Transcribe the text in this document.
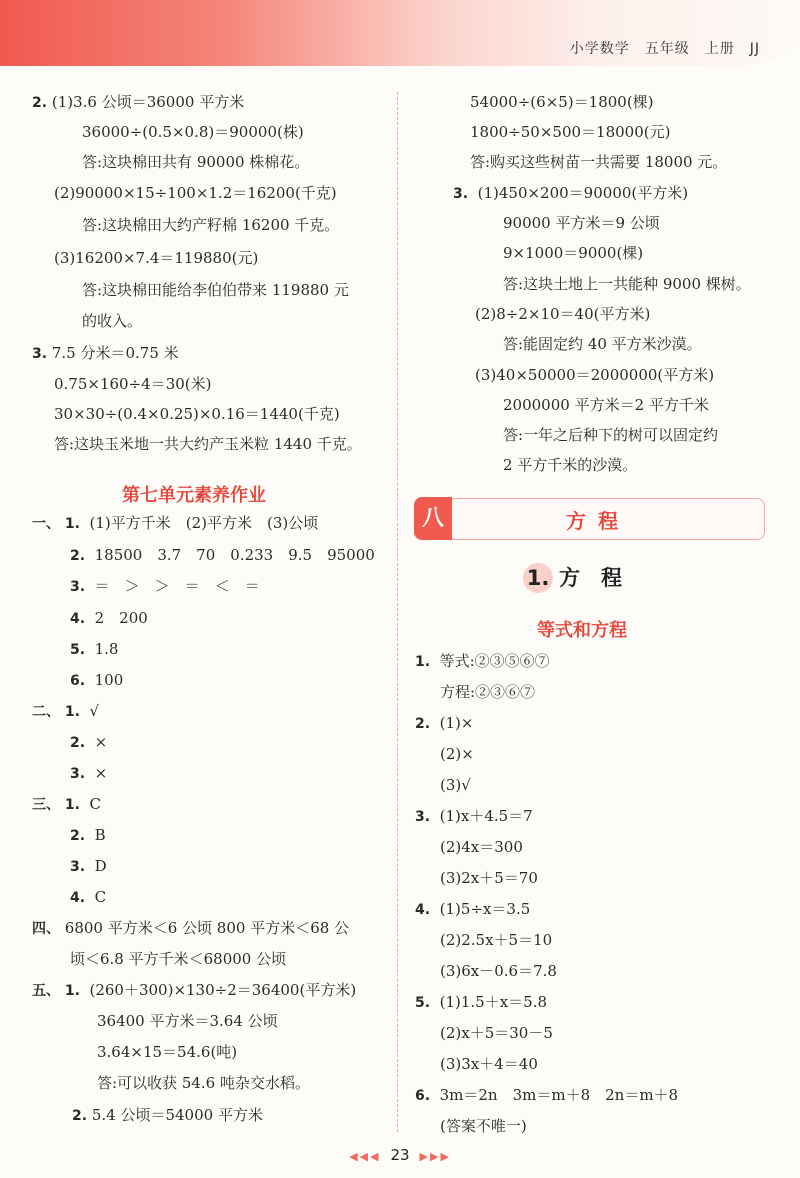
小学数学　五年级　上册　JJ
2. (1)3.6 公顷＝36000 平方米
36000÷(0.5×0.8)＝90000(株)
答:这块棉田共有 90000 株棉花。
(2)90000×15÷100×1.2＝16200(千克)
答:这块棉田大约产籽棉 16200 千克。
(3)16200×7.4＝119880(元)
答:这块棉田能给李伯伯带来 119880 元
的收入。
3. 7.5 分米＝0.75 米
0.75×160÷4＝30(米)
30×30÷(0.4×0.25)×0.16＝1440(千克)
答:这块玉米地一共大约产玉米粒 1440 千克。
第七单元素养作业
一、 1. (1)平方千米　(2)平方米　(3)公顷
2. 18500　3.7　70　0.233　9.5　95000
3. ＝　＞　＞　＝　＜　＝
4. 2　200
5. 1.8
6. 100
二、 1. √
2. ×
3. ×
三、 1. C
2. B
3. D
4. C
四、 6800 平方米＜6 公顷 800 平方米＜68 公
顷＜6.8 平方千米＜68000 公顷
五、 1. (260＋300)×130÷2＝36400(平方米)
36400 平方米＝3.64 公顷
3.64×15＝54.6(吨)
答:可以收获 54.6 吨杂交水稻。
2. 5.4 公顷＝54000 平方米
54000÷(6×5)＝1800(棵)
1800÷50×500＝18000(元)
答:购买这些树苗一共需要 18000 元。
3. (1)450×200＝90000(平方米)
90000 平方米＝9 公顷
9×1000＝9000(棵)
答:这块土地上一共能种 9000 棵树。
(2)8÷2×10＝40(平方米)
答:能固定约 40 平方米沙漠。
(3)40×50000＝2000000(平方米)
2000000 平方米＝2 平方千米
答:一年之后种下的树可以固定约
2 平方千米的沙漠。
八	方程
1. 方　程
等式和方程
1. 等式:②③⑤⑥⑦
方程:②③⑥⑦
2. (1)×
(2)×
(3)√
3. (1)x＋4.5＝7
(2)4x＝300
(3)2x＋5＝70
4. (1)5÷x＝3.5
(2)2.5x＋5＝10
(3)6x－0.6＝7.8
5. (1)1.5＋x＝5.8
(2)x＋5＝30－5
(3)3x＋4＝40
6. 3m＝2n　3m＝m＋8　2n＝m＋8
(答案不唯一)
◀◀◀ 23 ▶▶▶
